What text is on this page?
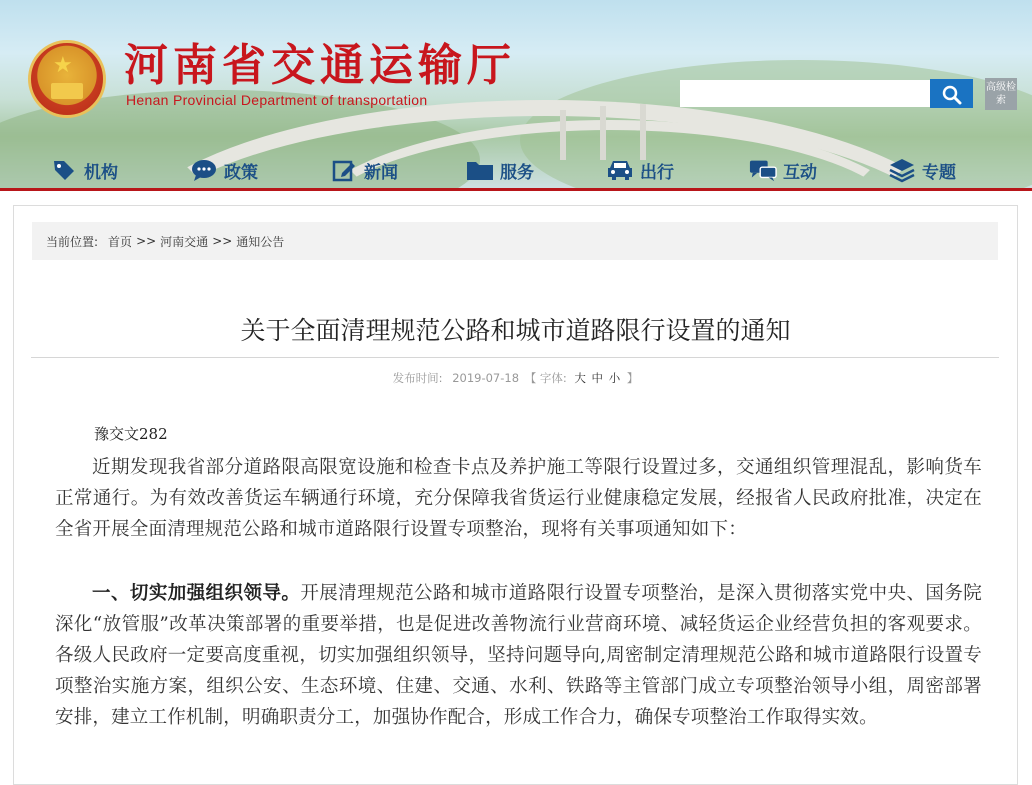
★ 河南省交通运输厅
Henan Provincial Department of transportation
高级检索
机构	政策	新闻	服务	出行	互动	专题
当前位置: 首页 >> 河南交通 >> 通知公告
关于全面清理规范公路和城市道路限行设置的通知
发布时间: 2019-07-18 【 字体: 大 中 小 】
豫交文282

近期发现我省部分道路限高限宽设施和检查卡点及养护施工等限行设置过多，交通组织管理混乱，影响货车正常通行。为有效改善货运车辆通行环境，充分保障我省货运行业健康稳定发展，经报省人民政府批准，决定在全省开展全面清理规范公路和城市道路限行设置专项整治，现将有关事项通知如下：

一、切实加强组织领导。开展清理规范公路和城市道路限行设置专项整治，是深入贯彻落实党中央、国务院深化“放管服”改革决策部署的重要举措，也是促进改善物流行业营商环境、减轻货运企业经营负担的客观要求。各级人民政府一定要高度重视，切实加强组织领导，坚持问题导向,周密制定清理规范公路和城市道路限行设置专项整治实施方案，组织公安、生态环境、住建、交通、水利、铁路等主管部门成立专项整治领导小组，周密部署安排，建立工作机制，明确职责分工，加强协作配合，形成工作合力，确保专项整治工作取得实效。
